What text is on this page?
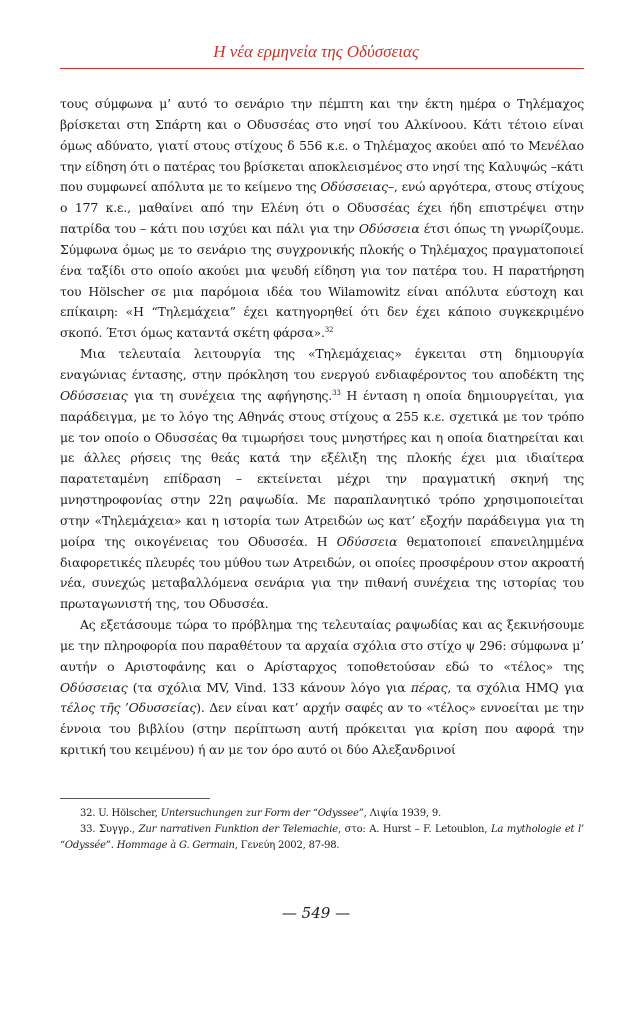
Η νέα ερμηνεία της Οδύσσειας

τους σύμφωνα μ’ αυτό το σενάριο την πέμπτη και την έκτη ημέρα ο Τηλέμαχος βρίσκεται στη Σπάρτη και ο Οδυσσέας στο νησί του Αλκίνοου. Κάτι τέτοιο είναι όμως αδύνατο, γιατί στους στίχους δ 556 κ.ε. ο Τηλέμαχος ακούει από το Μενέλαο την είδηση ότι ο πατέρας του βρίσκεται αποκλεισμένος στο νησί της Καλυψώς –κάτι που συμφωνεί απόλυτα με το κείμενο της Οδύσσειας–, ενώ αργότερα, στους στίχους ο 177 κ.ε., μαθαίνει από την Ελένη ότι ο Οδυσσέας έχει ήδη επιστρέψει στην πατρίδα του – κάτι που ισχύει και πάλι για την Οδύσσεια έτσι όπως τη γνωρίζουμε. Σύμφωνα όμως με το σενάριο της συγχρονικής πλοκής ο Τηλέμαχος πραγματοποιεί ένα ταξίδι στο οποίο ακούει μια ψευδή είδηση για τον πατέρα του. Η παρατήρηση του Hölscher σε μια παρόμοια ιδέα του Wilamowitz είναι απόλυτα εύστοχη και επίκαιρη: «Η “Τηλεμάχεια” έχει κατηγορηθεί ότι δεν έχει κάποιο συγκεκριμένο σκοπό. Έτσι όμως καταντά σκέτη φάρσα».$^{32}$

Μια τελευταία λειτουργία της «Τηλεμάχειας» έγκειται στη δημιουργία εναγώνιας έντασης, στην πρόκληση του ενεργού ενδιαφέροντος του αποδέκτη της Οδύσσειας για τη συνέχεια της αφήγησης.$^{33}$ Η ένταση η οποία δημιουργείται, για παράδειγμα, με το λόγο της Αθηνάς στους στίχους α 255 κ.ε. σχετικά με τον τρόπο με τον οποίο ο Οδυσσέας θα τιμωρήσει τους μνηστήρες και η οποία διατηρείται και με άλλες ρήσεις της θεάς κατά την εξέλιξη της πλοκής έχει μια ιδιαίτερα παρατεταμένη επίδραση – εκτείνεται μέχρι την πραγματική σκηνή της μνηστηροφονίας στην 22η ραψωδία. Με παραπλανητικό τρόπο χρησιμοποιείται στην «Τηλεμάχεια» και η ιστορία των Ατρειδών ως κατ’ εξοχήν παράδειγμα για τη μοίρα της οικογένειας του Οδυσσέα. Η Οδύσσεια θεματοποιεί επανειλημμένα διαφορετικές πλευρές του μύθου των Ατρειδών, οι οποίες προσφέρουν στον ακροατή νέα, συνεχώς μεταβαλλόμενα σενάρια για την πιθανή συνέχεια της ιστορίας του πρωταγωνιστή της, του Οδυσσέα.

Ας εξετάσουμε τώρα το πρόβλημα της τελευταίας ραψωδίας και ας ξεκινήσουμε με την πληροφορία που παραθέτουν τα αρχαία σχόλια στο στίχο ψ 296: σύμφωνα μ’ αυτήν ο Αριστοφάνης και ο Αρίσταρχος τοποθετούσαν εδώ το «τέλος» της Οδύσσειας (τα σχόλια MV, Vind. 133 κάνουν λόγο για πέρας, τα σχόλια HMQ για τέλος τῆς ’Οδυσσείας). Δεν είναι κατ’ αρχήν σαφές αν το «τέλος» εννοείται με την έννοια του βιβλίου (στην περίπτωση αυτή πρόκειται για κρίση που αφορά την κριτική του κειμένου) ή αν με τον όρο αυτό οι δύο Αλεξανδρινοί

32. U. Hölscher, Untersuchungen zur Form der “Odyssee”, Λιψία 1939, 9.

33. Συγγρ., Zur narrativen Funktion der Telemachie, στο: A. Hurst – F. Letoublon, La mythologie et l’ “Odyssée”. Hommage à G. Germain, Γενεύη 2002, 87-98.

— 549 —
